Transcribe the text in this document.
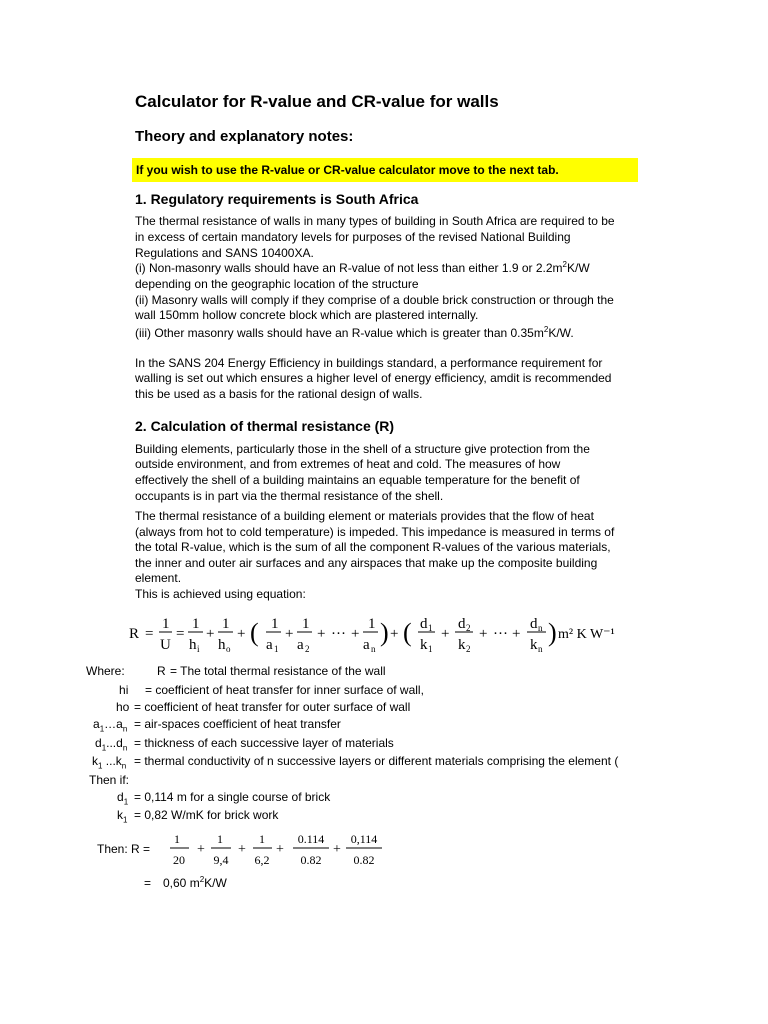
Calculator for R-value and CR-value for walls
Theory and explanatory notes:
If you wish to use the R-value or CR-value calculator move to the next tab.
1. Regulatory requirements is South Africa
The thermal resistance of walls in many types of building in South Africa are required to be
in excess of certain mandatory levels for purposes of the revised National Building
Regulations and SANS 10400XA.
(i) Non-masonry walls should have an R-value of not less than either 1.9 or $2.2m^2K/W$
depending on the geographic location of the structure
(ii) Masonry walls will comply if they comprise of a double brick construction or through the
wall 150mm hollow concrete block which are plastered internally.
(iii) Other masonry walls should have an R-value which is greater than $0.35m^2K/W$.
In the SANS 204 Energy Efficiency in buildings standard, a performance requirement for
walling is set out which ensures a higher level of energy efficiency, amdit is recommended
this be used as a basis for the rational design of walls.
2. Calculation of thermal resistance (R)
Building elements, particularly those in the shell of a structure give protection from the
outside environment, and from extremes of heat and cold. The measures of how
effectively the shell of a building maintains an equable temperature for the benefit of
occupants is in part via the thermal resistance of the shell.
The thermal resistance of a building element or materials provides that the flow of heat
(always from hot to cold temperature) is impeded. This impedance is measured in terms of
the total R-value, which is the sum of all the component R-values of the various materials,
the inner and outer air surfaces and any airspaces that make up the composite building
element.
This is achieved using equation:
R =
1
U
=
1
h i
+
1
h o
+ ( 1
a 1
+
1
a 2
+ ··· +
1
a n
) + ( d 1
k 1
+
d 2
k 2
+ ··· +
d n
k n
) m² K W⁻¹
Where:	R = The total thermal resistance of the wall
hi = coefficient of heat transfer for inner surface of wall,
ho = coefficient of heat transfer for outer surface of wall
$a_1\dots a_n$ = air-spaces coefficient of heat transfer
$d_1...d_n$ = thickness of each successive layer of materials
$k_1$ $...k_n$ = thermal conductivity of n successive layers or different materials comprising the element (
Then if:
$d_1 = 0,114$ m for a single course of brick
$k_1 = 0,82$ W/mK for brick work
Then: R =
1
20
+
1
9,4
+
1
6,2
+
0.114
0.82
+
0,114
0.82
= 0,60 $m^2K/W$
